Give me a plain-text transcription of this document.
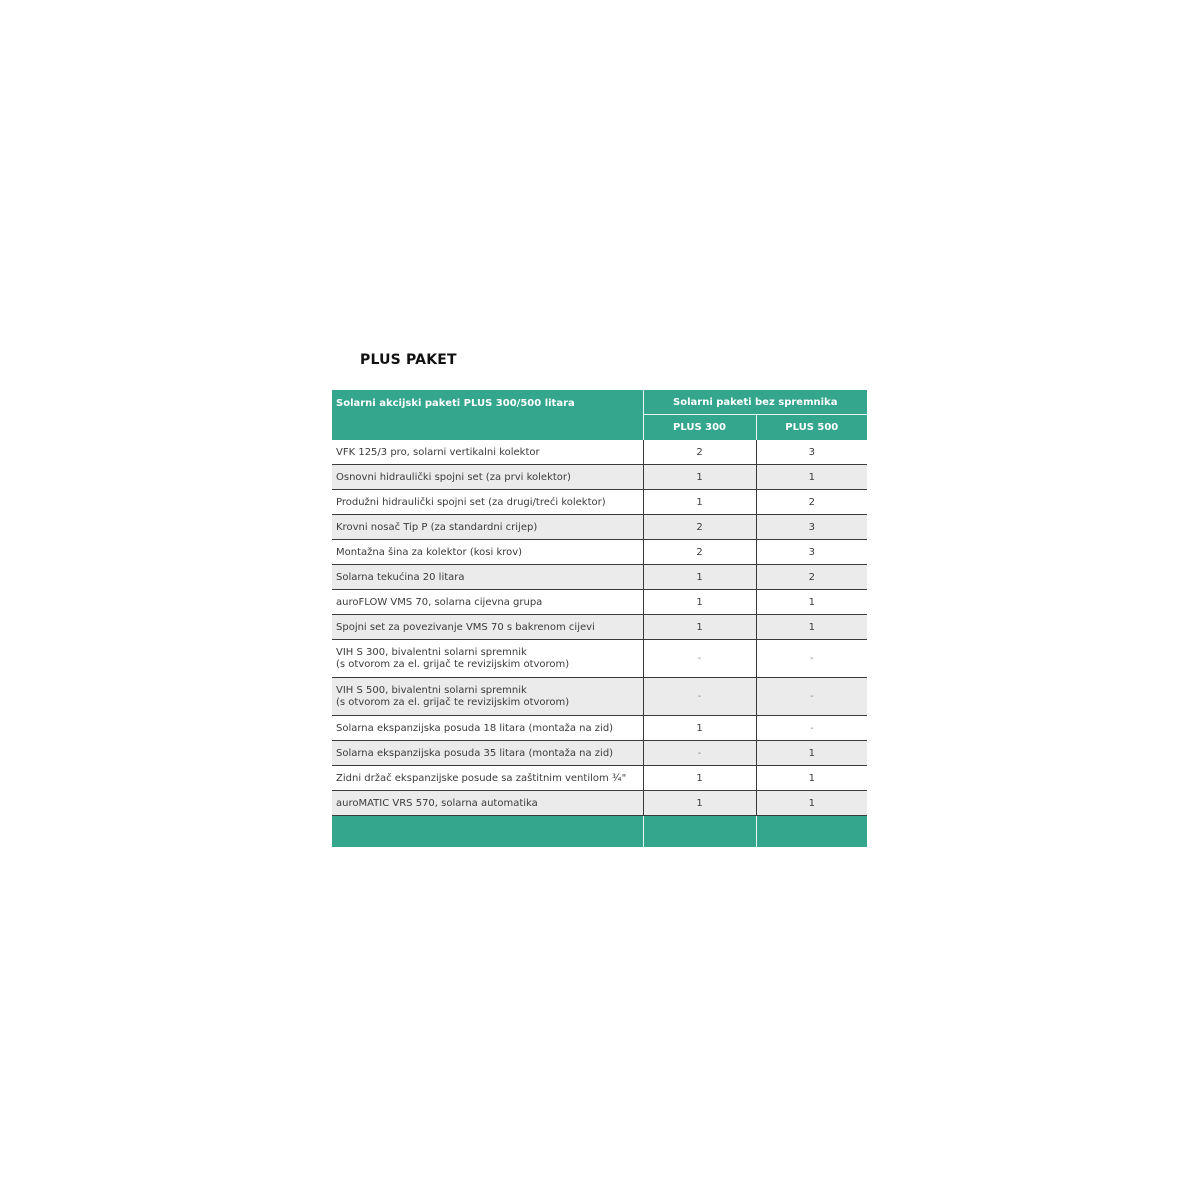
PLUS PAKET
Solarni akcijski paketi PLUS 300/500 litara	Solarni paketi bez spremnika	
	PLUS 300	PLUS 500
VFK 125/3 pro, solarni vertikalni kolektor	2	3
Osnovni hidraulički spojni set (za prvi kolektor)	1	1
Produžni hidraulički spojni set (za drugi/treći kolektor)	1	2
Krovni nosač Tip P (za standardni crijep)	2	3
Montažna šina za kolektor (kosi krov)	2	3
Solarna tekućina 20 litara	1	2
auroFLOW VMS 70, solarna cijevna grupa	1	1
Spojni set za povezivanje VMS 70 s bakrenom cijevi	1	1
VIH S 300, bivalentni solarni spremnik
(s otvorom za el. grijač te revizijskim otvorom)	-	-
VIH S 500, bivalentni solarni spremnik
(s otvorom za el. grijač te revizijskim otvorom)	-	-
Solarna ekspanzijska posuda 18 litara (montaža na zid)	1	-
Solarna ekspanzijska posuda 35 litara (montaža na zid)	-	1
Zidni držač ekspanzijske posude sa zaštitnim ventilom ¾"	1	1
auroMATIC VRS 570, solarna automatika	1	1
